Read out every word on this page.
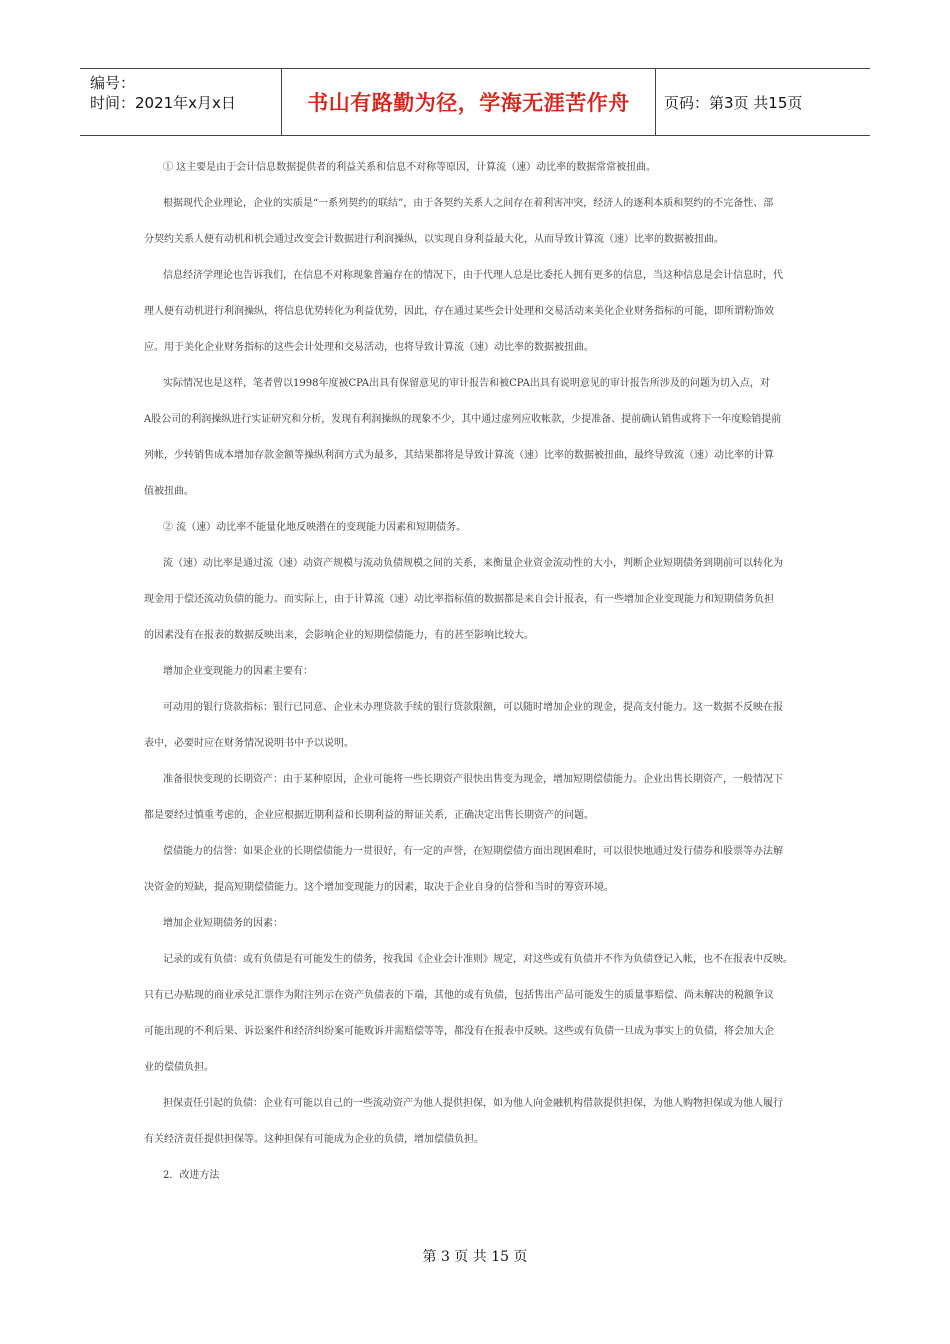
编号：
时间：2021年x月x日	书山有路勤为径，学海无涯苦作舟	页码：第3页 共15页

① 这主要是由于会计信息数据提供者的利益关系和信息不对称等原因，计算流（速）动比率的数据常常被扭曲。

根据现代企业理论，企业的实质是“一系列契约的联结”，由于各契约关系人之间存在着利害冲突，经济人的逐利本质和契约的不完备性、部

分契约关系人便有动机和机会通过改变会计数据进行利润操纵，以实现自身利益最大化，从而导致计算流（速）比率的数据被扭曲。

信息经济学理论也告诉我们，在信息不对称现象普遍存在的情况下，由于代理人总是比委托人拥有更多的信息，当这种信息是会计信息时，代

理人便有动机进行利润操纵，将信息优势转化为利益优势，因此，存在通过某些会计处理和交易活动来美化企业财务指标的可能，即所谓粉饰效

应。用于美化企业财务指标的这些会计处理和交易活动，也将导致计算流（速）动比率的数据被扭曲。

实际情况也是这样，笔者曾以1998年度被CPA出具有保留意见的审计报告和被CPA出具有说明意见的审计报告所涉及的问题为切入点，对

A股公司的利润操纵进行实证研究和分析，发现有利润操纵的现象不少，其中通过虚列应收帐款，少提准备、提前确认销售或将下一年度赊销提前

列帐，少转销售成本增加存款金额等操纵利润方式为最多，其结果都将是导致计算流（速）比率的数据被扭曲，最终导致流（速）动比率的计算

值被扭曲。

② 流（速）动比率不能量化地反映潜在的变现能力因素和短期债务。

流（速）动比率是通过流（速）动资产规模与流动负债规模之间的关系，来衡量企业资金流动性的大小，判断企业短期债务到期前可以转化为

现金用于偿还流动负债的能力。而实际上，由于计算流（速）动比率指标值的数据都是来自会计报表，有一些增加企业变现能力和短期债务负担

的因素没有在报表的数据反映出来，会影响企业的短期偿债能力，有的甚至影响比较大。

增加企业变现能力的因素主要有：

可动用的银行贷款指标：银行已同意、企业未办理贷款手续的银行贷款限额，可以随时增加企业的现金，提高支付能力。这一数据不反映在报

表中，必要时应在财务情况说明书中予以说明。

准备很快变现的长期资产：由于某种原因，企业可能将一些长期资产很快出售变为现金，增加短期偿债能力。企业出售长期资产，一般情况下

都是要经过慎重考虑的，企业应根据近期利益和长期利益的辩证关系，正确决定出售长期资产的问题。

偿债能力的信誉：如果企业的长期偿债能力一贯很好，有一定的声誉，在短期偿债方面出现困难时，可以很快地通过发行债券和股票等办法解

决资金的短缺，提高短期偿债能力。这个增加变现能力的因素，取决于企业自身的信誉和当时的筹资环境。

增加企业短期债务的因素：

记录的或有负债：或有负债是有可能发生的债务，按我国《企业会计准则》规定，对这些或有负债并不作为负债登记入帐，也不在报表中反映。

只有已办贴现的商业承兑汇票作为附注列示在资产负债表的下端，其他的或有负债，包括售出产品可能发生的质量事赔偿、尚未解决的税额争议

可能出现的不利后果、诉讼案件和经济纠纷案可能败诉并需赔偿等等，都没有在报表中反映。这些或有负债一旦成为事实上的负债，将会加大企

业的偿债负担。

担保责任引起的负债：企业有可能以自己的一些流动资产为他人提供担保，如为他人向金融机构借款提供担保，为他人购物担保或为他人履行

有关经济责任提供担保等。这种担保有可能成为企业的负债，增加偿债负担。

2．改进方法

第 3 页 共 15 页
